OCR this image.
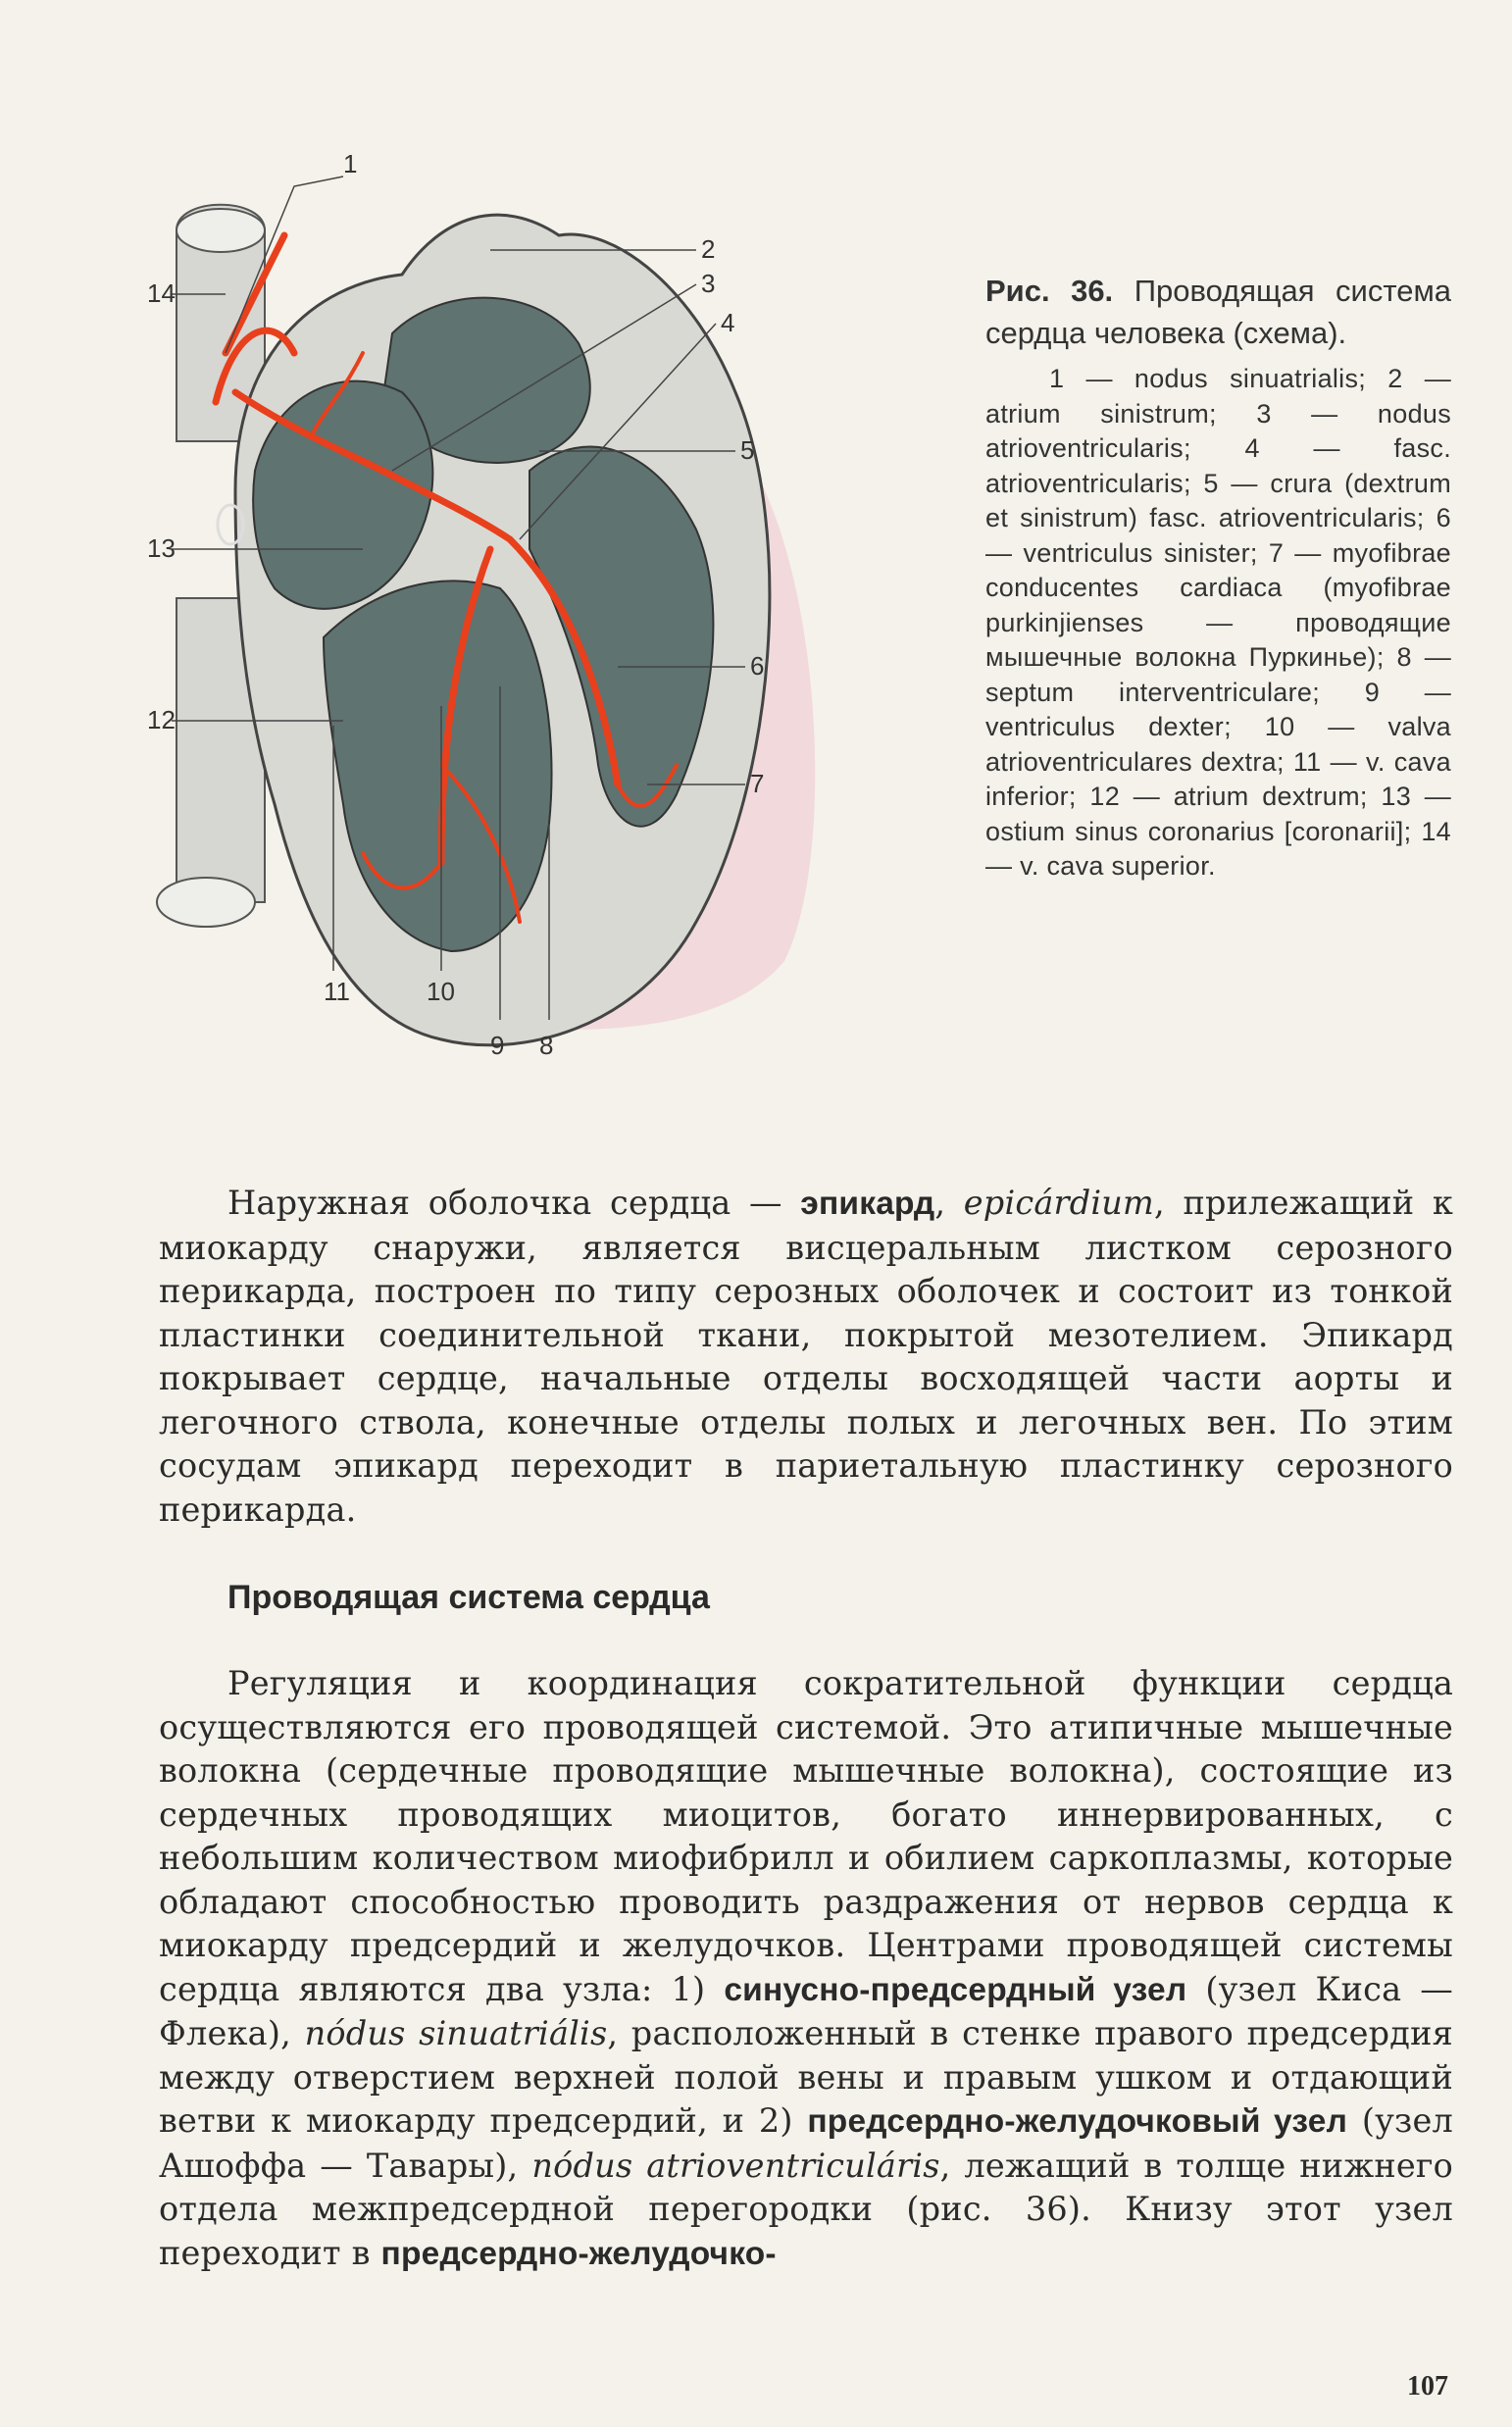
1
2
3
4
5
6
7
8
9
10
11
12
13
14	Рис. 36. Проводящая система сердца человека (схема).
1 — nodus sinuatrialis; 2 — atrium sinistrum; 3 — nodus atrioventricularis; 4 — fasc. atrioventricularis; 5 — crura (dextrum et sinistrum) fasc. atrioventricularis; 6 — ventriculus sinister; 7 — myofibrae conducentes cardiaca (myofibrae purkinjienses — проводящие мышечные волокна Пуркинье); 8 — septum interventriculare; 9 — ventriculus dexter; 10 — valva atrioventriculares dextra; 11 — v. cava inferior; 12 — atrium dextrum; 13 — ostium sinus coronarius [coronarii]; 14 — v. cava superior.
Наружная оболочка сердца — эпикард, epicárdium, прилежащий к миокарду снаружи, является висцеральным листком серозного перикарда, построен по типу серозных оболочек и состоит из тонкой пластинки соединительной ткани, покрытой мезотелием. Эпикард покрывает сердце, начальные отделы восходящей части аорты и легочного ствола, конечные отделы полых и легочных вен. По этим сосудам эпикард переходит в париетальную пластинку серозного перикарда.
Проводящая система сердца
Регуляция и координация сократительной функции сердца осуществляются его проводящей системой. Это атипичные мышечные волокна (сердечные проводящие мышечные волокна), состоящие из сердечных проводящих миоцитов, богато иннервированных, с небольшим количеством миофибрилл и обилием саркоплазмы, которые обладают способностью проводить раздражения от нервов сердца к миокарду предсердий и желудочков. Центрами проводящей системы сердца являются два узла: 1) синусно-предсердный узел (узел Киса — Флека), nódus sinuatriális, расположенный в стенке правого предсердия между отверстием верхней полой вены и правым ушком и отдающий ветви к миокарду предсердий, и 2) предсердно-желудочковый узел (узел Ашоффа — Тавары), nódus atrioventriculáris, лежащий в толще нижнего отдела межпредсердной перегородки (рис. 36). Книзу этот узел переходит в предсердно-желудочко-
107
